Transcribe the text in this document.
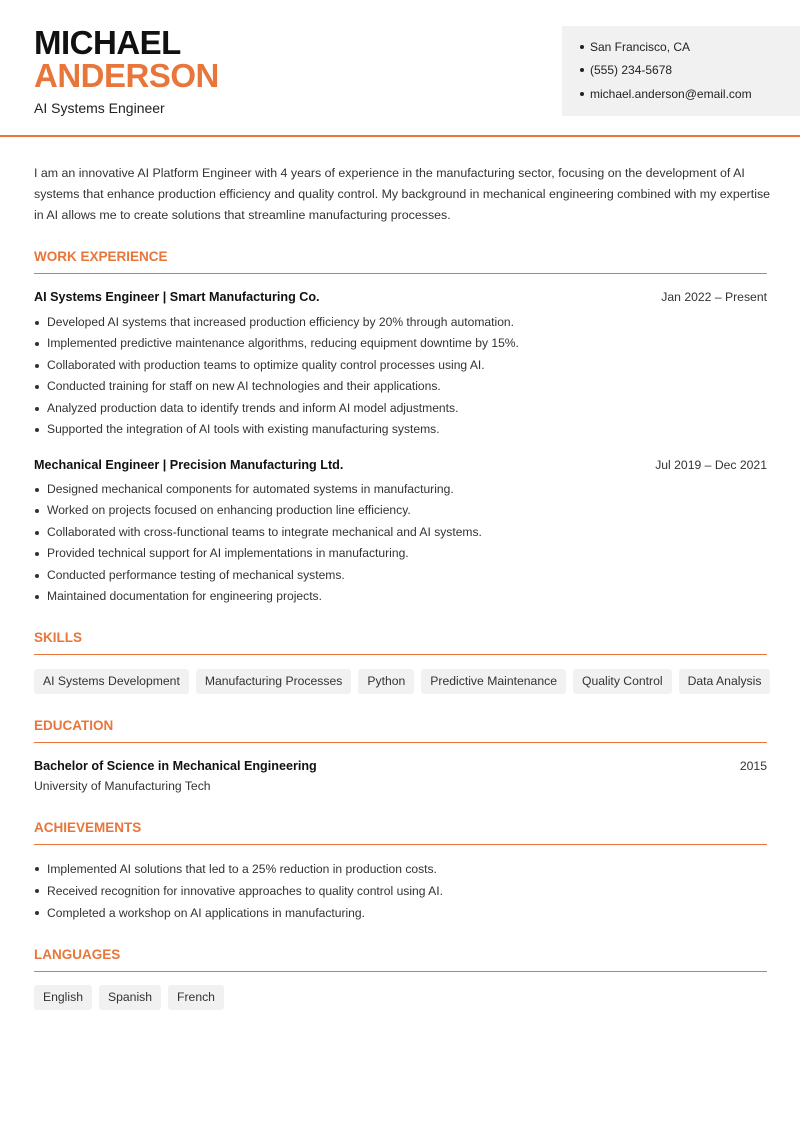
MICHAEL
ANDERSON
AI Systems Engineer
San Francisco, CA
(555) 234-5678
michael.anderson@email.com

I am an innovative AI Platform Engineer with 4 years of experience in the manufacturing sector, focusing on the development of AI systems that enhance production efficiency and quality control. My background in mechanical engineering combined with my expertise in AI allows me to create solutions that streamline manufacturing processes.

WORK EXPERIENCE
AI Systems Engineer | Smart Manufacturing Co.	Jan 2022 – Present
Developed AI systems that increased production efficiency by 20% through automation.
Implemented predictive maintenance algorithms, reducing equipment downtime by 15%.
Collaborated with production teams to optimize quality control processes using AI.
Conducted training for staff on new AI technologies and their applications.
Analyzed production data to identify trends and inform AI model adjustments.
Supported the integration of AI tools with existing manufacturing systems.
Mechanical Engineer | Precision Manufacturing Ltd.	Jul 2019 – Dec 2021
Designed mechanical components for automated systems in manufacturing.
Worked on projects focused on enhancing production line efficiency.
Collaborated with cross-functional teams to integrate mechanical and AI systems.
Provided technical support for AI implementations in manufacturing.
Conducted performance testing of mechanical systems.
Maintained documentation for engineering projects.
SKILLS
AI Systems Development	Manufacturing Processes	Python	Predictive Maintenance	Quality Control	Data Analysis
EDUCATION
Bachelor of Science in Mechanical Engineering	2015
University of Manufacturing Tech
ACHIEVEMENTS
Implemented AI solutions that led to a 25% reduction in production costs.
Received recognition for innovative approaches to quality control using AI.
Completed a workshop on AI applications in manufacturing.
LANGUAGES
English	Spanish	French
